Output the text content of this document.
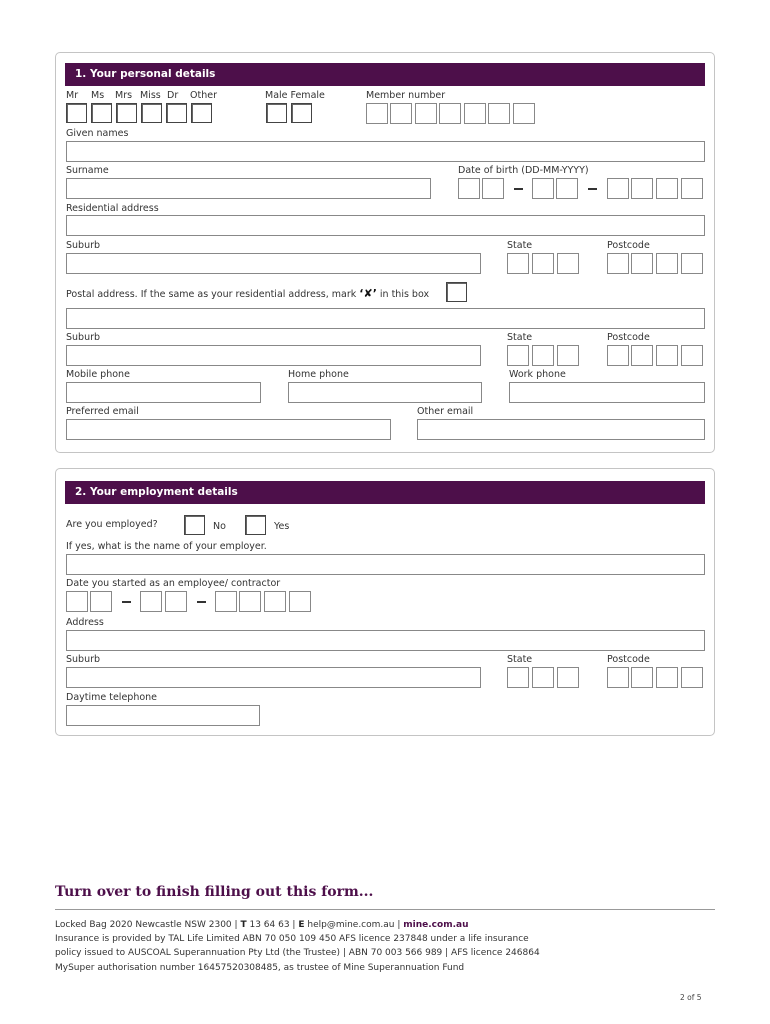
1. Your personal details
Mr Ms Mrs Miss Dr Other	Male Female	Member number
Given names
Surname	Date of birth (DD-MM-YYYY)
Residential address
Suburb	State	Postcode
Postal address. If the same as your residential address, mark ‘✘’ in this box
Suburb	State	Postcode
Mobile phone	Home phone	Work phone
Preferred email	Other email
2. Your employment details
Are you employed?	No	Yes
If yes, what is the name of your employer.
Date you started as an employee/ contractor
Address
Suburb	State	Postcode
Daytime telephone
Turn over to finish filling out this form...
Locked Bag 2020 Newcastle NSW 2300 | T 13 64 63 | E help@mine.com.au | mine.com.au
Insurance is provided by TAL Life Limited ABN 70 050 109 450 AFS licence 237848 under a life insurance
policy issued to AUSCOAL Superannuation Pty Ltd (the Trustee) | ABN 70 003 566 989 | AFS licence 246864
MySuper authorisation number 16457520308485, as trustee of Mine Superannuation Fund
2 of 5
